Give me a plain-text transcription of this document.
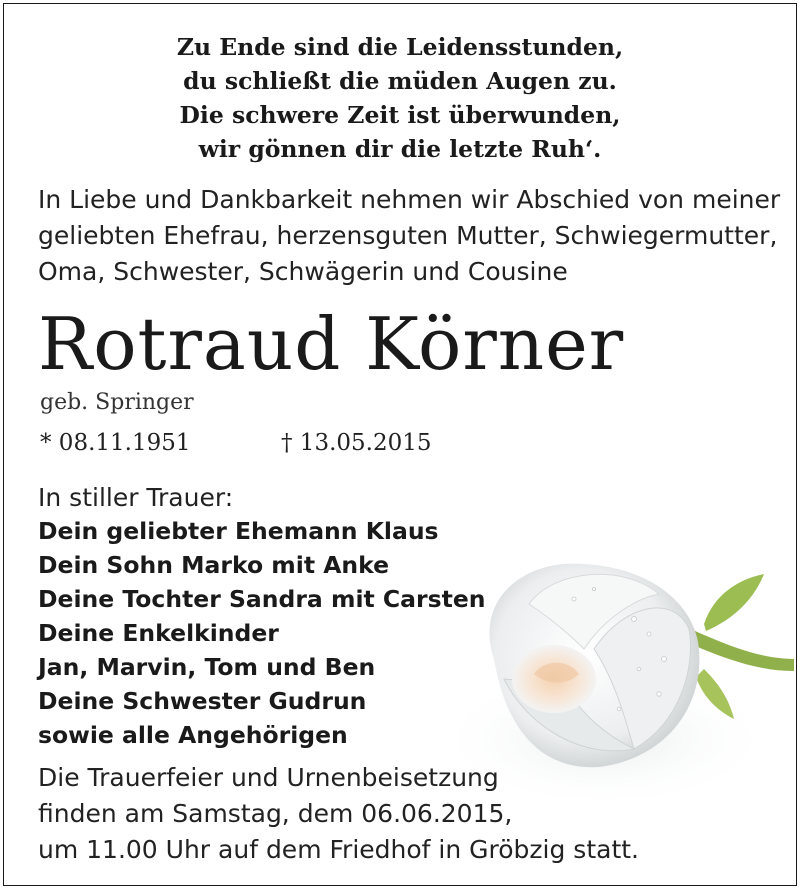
Zu Ende sind die Leidensstunden,
du schließt die müden Augen zu.
Die schwere Zeit ist überwunden,
wir gönnen dir die letzte Ruh‘.
In Liebe und Dankbarkeit nehmen wir Abschied von meiner
geliebten Ehefrau, herzensguten Mutter, Schwiegermutter,
Oma, Schwester, Schwägerin und Cousine
Rotraud Körner
geb. Springer
* 08.11.1951	† 13.05.2015
In stiller Trauer:
Dein geliebter Ehemann Klaus
Dein Sohn Marko mit Anke
Deine Tochter Sandra mit Carsten
Deine Enkelkinder
Jan, Marvin, Tom und Ben
Deine Schwester Gudrun
sowie alle Angehörigen
Die Trauerfeier und Urnenbeisetzung
finden am Samstag, dem 06.06.2015,
um 11.00 Uhr auf dem Friedhof in Gröbzig statt.
